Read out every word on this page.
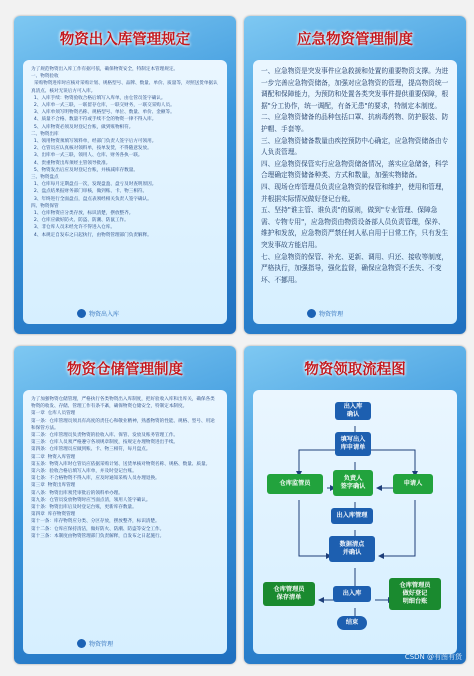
物资出入库管理规定
为了规范物资出入库工作有据可依，确保物资安全，特制定本管理规定。
一、物资验收
采购物资进库时应核对采购计划、规格型号、品牌、数量、单价、质量等，对照送货单据认真清点、核对无误后方可入库。
1、入库手续：物资验收合格后填写入库单，由仓管员签字确认。
2、入库单一式三联，一联留存仓库，一联交财务，一联交采购人员。
3、入库单须写明物资名称、规格型号、单位、数量、单价、金额等。
4、质量不合格、数量不符或手续不全的物资一律不得入库。
5、入库物资必须及时登记台账，做到账物相符。
二、物资出库
1、领用物资须填写领料单，经部门负责人签字后方可领用。
2、仓管员应认真核对领料单，按单发货，不得随意发放。
3、出库单一式三联，领用人、仓库、财务各执一联。
4、贵重物资出库须经主管领导批准。
5、物资发出后应及时登记台账，并核减库存数量。
三、物资盘点
1、仓库每月定期盘点一次，发现盘盈、盘亏及时查明原因。
2、盘点结果报财务部门审核，做到账、卡、物三相符。
3、年终进行全面盘点，盘点表须经相关负责人签字确认。
四、物资保管
1、仓库物资应分类存放，标识清楚，摆放整齐。
2、仓库应做好防火、防盗、防潮、防鼠工作。
3、非仓库人员未经允许不得进入仓库。
4、本规定自发布之日起执行，由物资管理部门负责解释。
物资出入库
应急物资管理制度
一、应急物资是突发事件应急救援和处置的重要物资支撑。为进一步完善应急物资储备，加强对应急物资的管理，提高物资统一调配和保障能力，为预防和处置各类突发事件提供重要保障，根据"分工协作，统一调配，有备无患"的要求，特制定本制度。
二、应急物资储备的品种包括口罩、抗病毒药物、防护服装、防护帽、手套等。
三、应急物资储备数量由疾控预防中心确定，应急物资储备由专人负责管理。
四、应急物资保管实行应急物资储备情况，落实应急储备，科学合理确定物资储备种类、方式和数量，加强实物储备。
四、现场仓库管理员负责应急物资的保管和维护，使用和管理，并根据实际情况做好登记台账。
五、坚持"谁主管、谁负责"的原则，做到"专业管理、保障急需、专物专用"，应急物资由物资设备部人员负责管理，保养、维护和发放，应急物资严禁任何人私自用于日常工作，只有发生突发事故方能启用。
七、应急物资的保管、补充、更新、调用、归还、接收等制度，严格执行，加强指导，强化监督，确保应急物资不丢失、不变坏、不挪用。
物资管理
物资仓储管理制度
为了加强物资仓储管理，严格执行各类物资出入库制度，把好验收入库和出库关，确保各类物资的收发、存储、管理工作有条不紊，确保物资仓储安全，特制定本制度。
第一章  仓库人员管理
第一条：仓库管理员须具有高度的责任心和敬业精神，熟悉物资的性能、规格、型号、用途和保管方法。
第二条：仓库管理员负责物资的验收入库、保管、发放及账务管理工作。
第三条：仓库人员须严格遵守各项规章制度，按规定办理物资进出手续。
第四条：仓库管理员应做到账、卡、物三相符，每月盘点。
第二章  物资入库管理
第五条：物资入库时仓管员应依据采购计划、送货单核对物资名称、规格、数量、质量。
第六条：验收合格后填写入库单，并及时登记台账。
第七条：不合格物资不得入库，应及时通知采购人员办理退换。
第三章  物资出库管理
第八条：物资出库须凭审批后的领料单办理。
第九条：仓管员发放物资时应当面点清，领用人签字确认。
第十条：物资出库后及时登记台账，更新库存数量。
第四章  库存物资管理
第十一条：库存物资应分类、分区存放，摆放整齐，标识清楚。
第十二条：仓库应保持清洁，做好防火、防潮、防盗等安全工作。
第十三条：本制度由物资管理部门负责解释，自发布之日起施行。
物资管理
物资领取流程图
出入库
确认
填写出入
库申请单
仓库监管员
负责人
签字确认	申请人
出入库管理
数据清点
并确认
仓库管理员
保存清单
出入库
仓库管理员
做好登记
明细台账
结束
CSDN @有图有货
